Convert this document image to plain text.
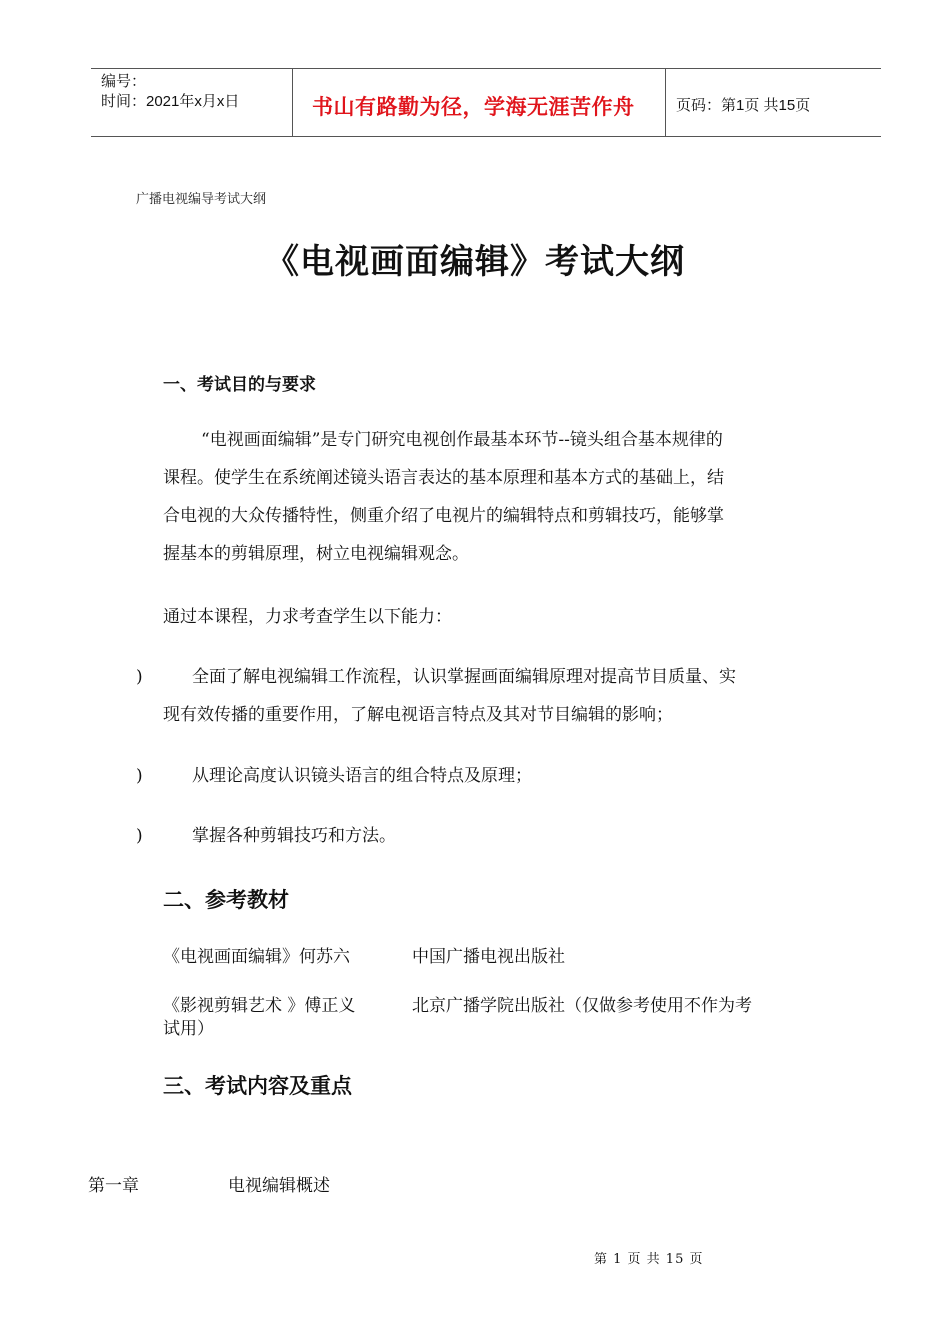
编号：
时间：2021年x月x日	书山有路勤为径，学海无涯苦作舟	页码：第1页 共15页
广播电视编导考试大纲
《电视画面编辑》考试大纲
一、考试目的与要求
“电视画面编辑”是专门研究电视创作最基本环节--镜头组合基本规律的
课程。使学生在系统阐述镜头语言表达的基本原理和基本方式的基础上，结
合电视的大众传播特性，侧重介绍了电视片的编辑特点和剪辑技巧，能够掌
握基本的剪辑原理，树立电视编辑观念。
通过本课程，力求考查学生以下能力：
)	全面了解电视编辑工作流程，认识掌握画面编辑原理对提高节目质量、实
现有效传播的重要作用，了解电视语言特点及其对节目编辑的影响；
)	从理论高度认识镜头语言的组合特点及原理；
)	掌握各种剪辑技巧和方法。
二、参考教材
《电视画面编辑》何苏六	中国广播电视出版社
《影视剪辑艺术 》傅正义	北京广播学院出版社（仅做参考使用不作为考
试用）
三、考试内容及重点
第一章	电视编辑概述
第 1 页 共 15 页
